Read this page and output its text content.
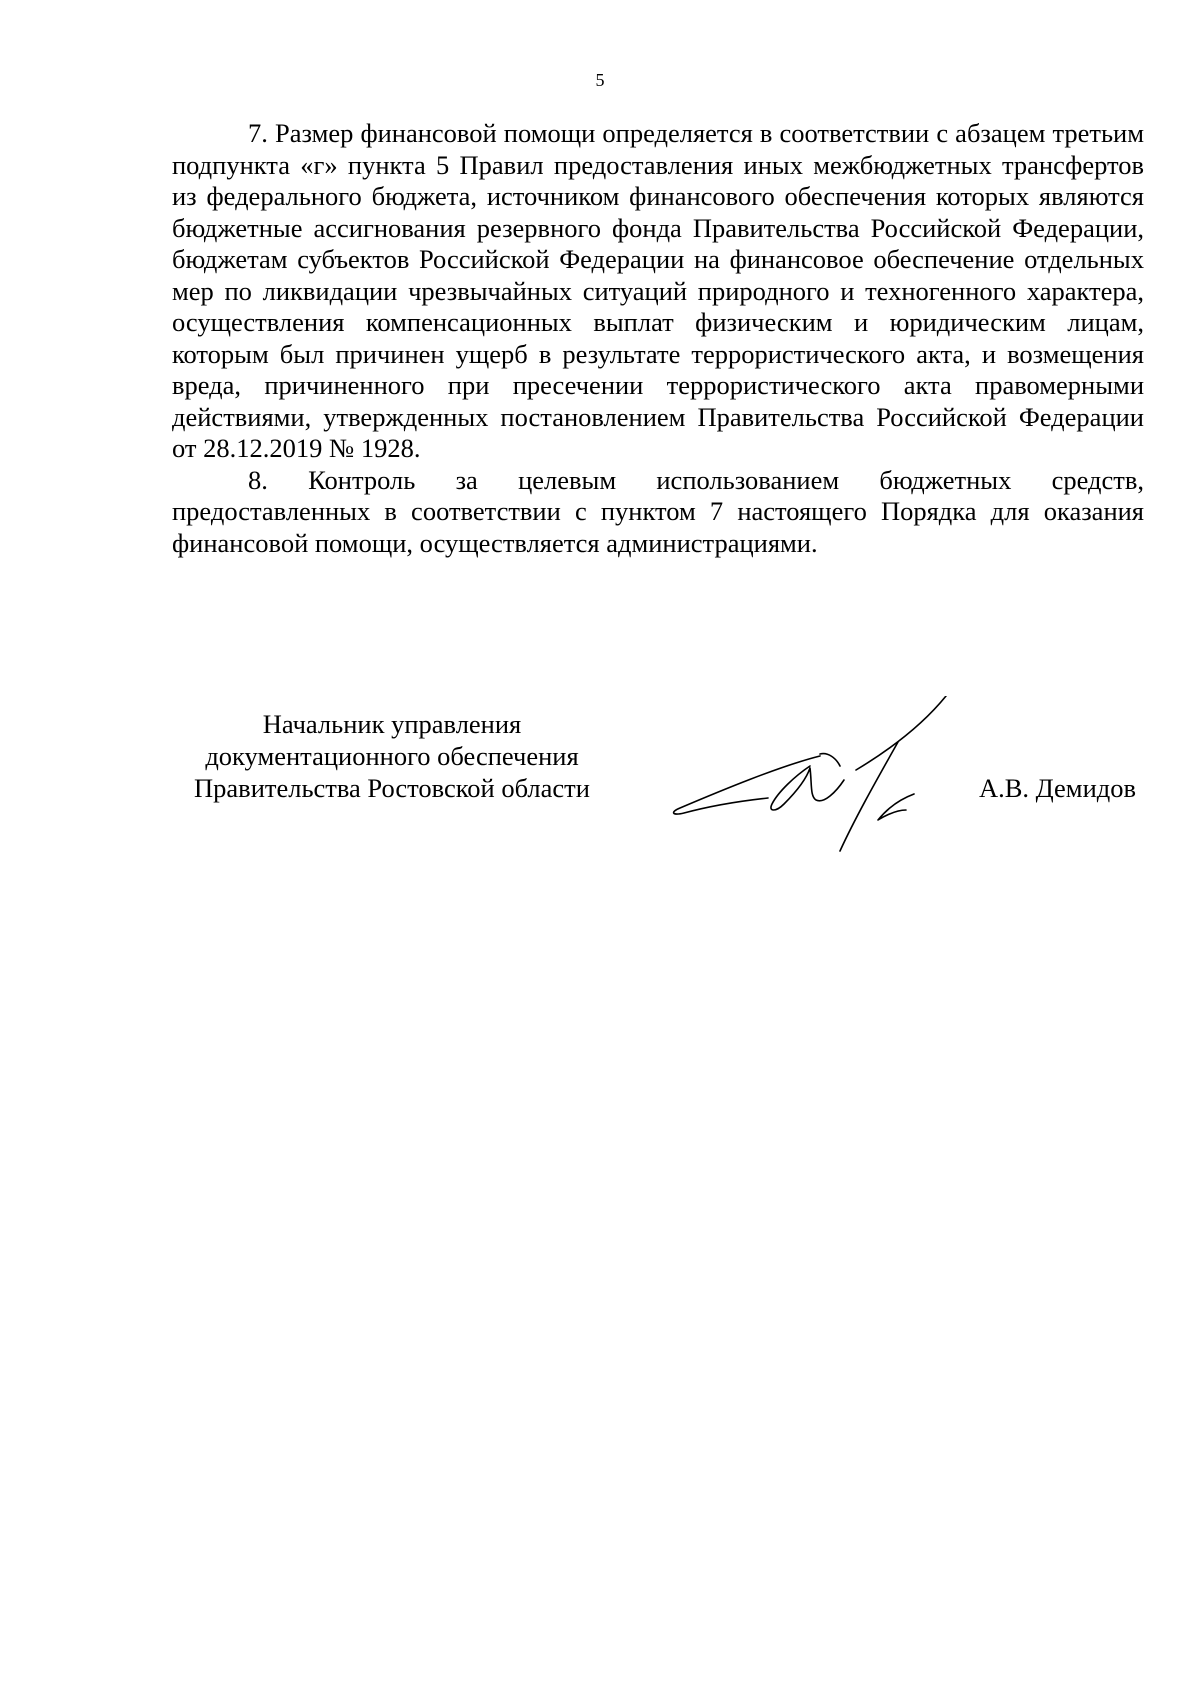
5

7. Размер финансовой помощи определяется в соответствии с абзацем третьим подпункта «г» пункта 5 Правил предоставления иных межбюджетных трансфертов из федерального бюджета, источником финансового обеспечения которых являются бюджетные ассигнования резервного фонда Правительства Российской Федерации, бюджетам субъектов Российской Федерации на финансовое обеспечение отдельных мер по ликвидации чрезвычайных ситуаций природного и техногенного характера, осуществления компенсационных выплат физическим и юридическим лицам, которым был причинен ущерб в результате террористического акта, и возмещения вреда, причиненного при пресечении террористического акта правомерными действиями, утвержденных постановлением Правительства Российской Федерации от 28.12.2019 № 1928.

8. Контроль за целевым использованием бюджетных средств, предоставленных в соответствии с пунктом 7 настоящего Порядка для оказания финансовой помощи, осуществляется администрациями.

Начальник управления
документационного обеспечения
Правительства Ростовской области	А.В. Демидов
